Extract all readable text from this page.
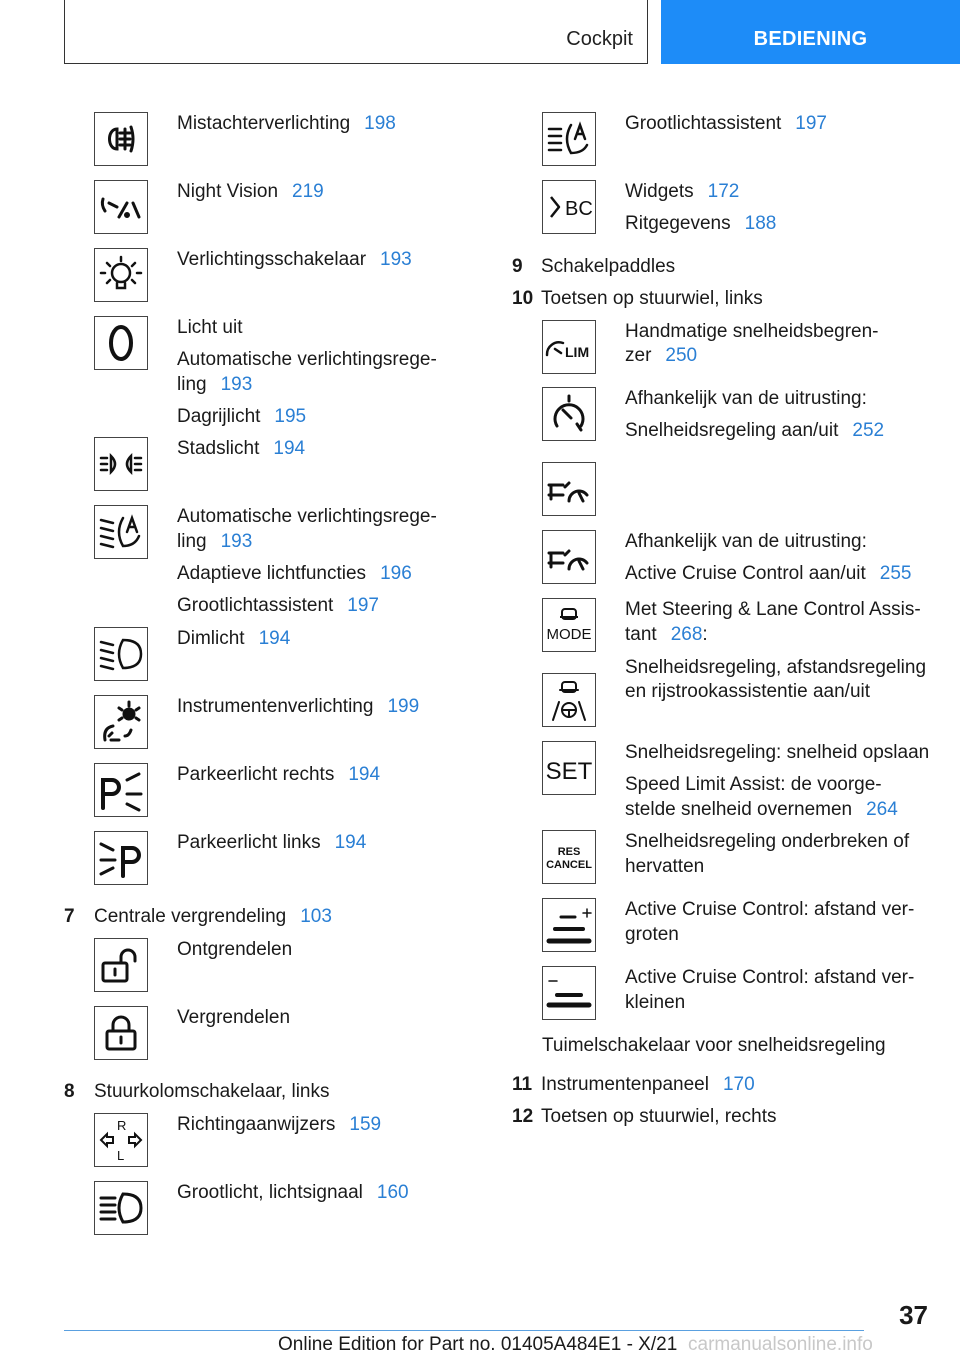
Cockpit	BEDIENING
Mistachterverlichting 198
Night Vision 219
Verlichtingsschakelaar 193
Licht uit
Automatische verlichtingsrege-
ling 193
Dagrijlicht 195
Stadslicht 194
Automatische verlichtingsrege-
ling 193
Adaptieve lichtfuncties 196
Grootlichtassistent 197
Dimlicht 194
Instrumentenverlichting 199
Parkeerlicht rechts 194
Parkeerlicht links 194
7 Centrale vergrendeling 103
Ontgrendelen
Vergrendelen
8 Stuurkolomschakelaar, links
R
L
Richtingaanwijzers 159
Grootlicht, lichtsignaal 160
Grootlichtassistent 197
BC
Widgets 172
Ritgegevens 188
9 Schakelpaddles
10 Toetsen op stuurwiel, links
LIM
Handmatige snelheidsbegren-
zer 250
Afhankelijk van de uitrusting:
Snelheidsregeling aan/uit 252
Afhankelijk van de uitrusting:
Active Cruise Control aan/uit 255
MODE
Met Steering & Lane Control Assis-
tant 268:
Snelheidsregeling, afstandsregeling
en rijstrookassistentie aan/uit
SET
Snelheidsregeling: snelheid opslaan
Speed Limit Assist: de voorge-
stelde snelheid overnemen 264
RES
CANCEL
Snelheidsregeling onderbreken of
hervatten
Active Cruise Control: afstand ver-
groten
Active Cruise Control: afstand ver-
kleinen
Tuimelschakelaar voor snelheidsregeling
11 Instrumentenpaneel 170
12 Toetsen op stuurwiel, rechts
37
Online Edition for Part no. 01405A484E1 - X/21 carmanualsonline.info
